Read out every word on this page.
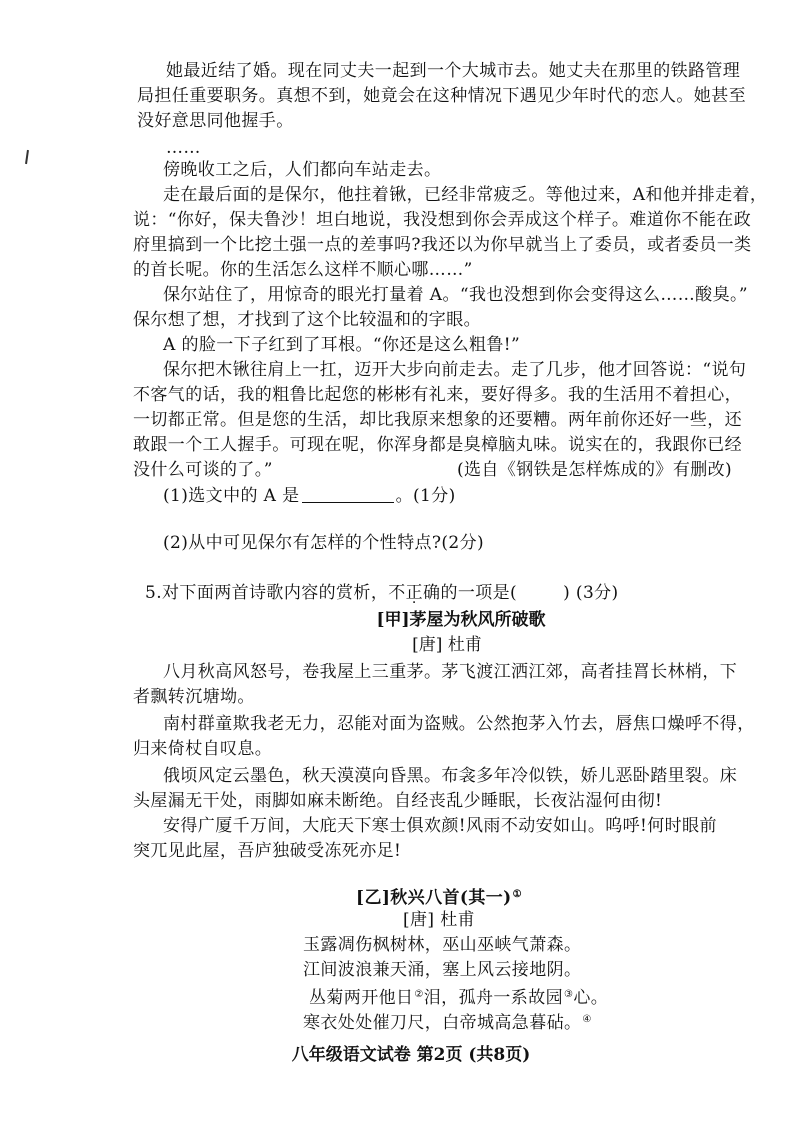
她最近结了婚。现在同丈夫一起到一个大城市去。她丈夫在那里的铁路管理
局担任重要职务。真想不到，她竟会在这种情况下遇见少年时代的恋人。她甚至
没好意思同他握手。
……
傍晚收工之后，人们都向车站走去。
走在最后面的是保尔，他拄着锹，已经非常疲乏。等他过来，A和他并排走着，
说：“你好，保夫鲁沙！坦白地说，我没想到你会弄成这个样子。难道你不能在政
府里搞到一个比挖土强一点的差事吗?我还以为你早就当上了委员，或者委员一类
的首长呢。你的生活怎么这样不顺心哪……”
保尔站住了，用惊奇的眼光打量着 A。“我也没想到你会变得这么……酸臭。”
保尔想了想，才找到了这个比较温和的字眼。
A 的脸一下子红到了耳根。“你还是这么粗鲁!”
保尔把木锹往肩上一扛，迈开大步向前走去。走了几步，他才回答说：“说句
不客气的话，我的粗鲁比起您的彬彬有礼来，要好得多。我的生活用不着担心，
一切都正常。但是您的生活，却比我原来想象的还要糟。两年前你还好一些，还
敢跟一个工人握手。可现在呢，你浑身都是臭樟脑丸味。说实在的，我跟你已经
没什么可谈的了。”	(选自《钢铁是怎样炼成的》有删改)
(1)选文中的 A 是	。(1分)
(2)从中可见保尔有怎样的个性特点?(2分)
5.对下面两首诗歌内容的赏析，不正确的一项是(	) (3分)
[甲]茅屋为秋风所破歌
[唐] 杜甫
八月秋高风怒号，卷我屋上三重茅。茅飞渡江洒江郊，高者挂罥长林梢，下
者飘转沉塘坳。
南村群童欺我老无力，忍能对面为盗贼。公然抱茅入竹去，唇焦口燥呼不得，
归来倚杖自叹息。
俄顷风定云墨色，秋天漠漠向昏黑。布衾多年冷似铁，娇儿恶卧踏里裂。床
头屋漏无干处，雨脚如麻未断绝。自经丧乱少睡眠，长夜沾湿何由彻!
安得广厦千万间，大庇天下寒士俱欢颜!风雨不动安如山。呜呼!何时眼前
突兀见此屋，吾庐独破受冻死亦足!
[乙]秋兴八首(其一)①
[唐] 杜甫
玉露凋伤枫树林，巫山巫峡气萧森。
江间波浪兼天涌，塞上风云接地阴。
丛菊两开他日②泪，孤舟一系故园③心。
寒衣处处催刀尺，白帝城高急暮砧。④
八年级语文试卷 第2页 (共8页)
